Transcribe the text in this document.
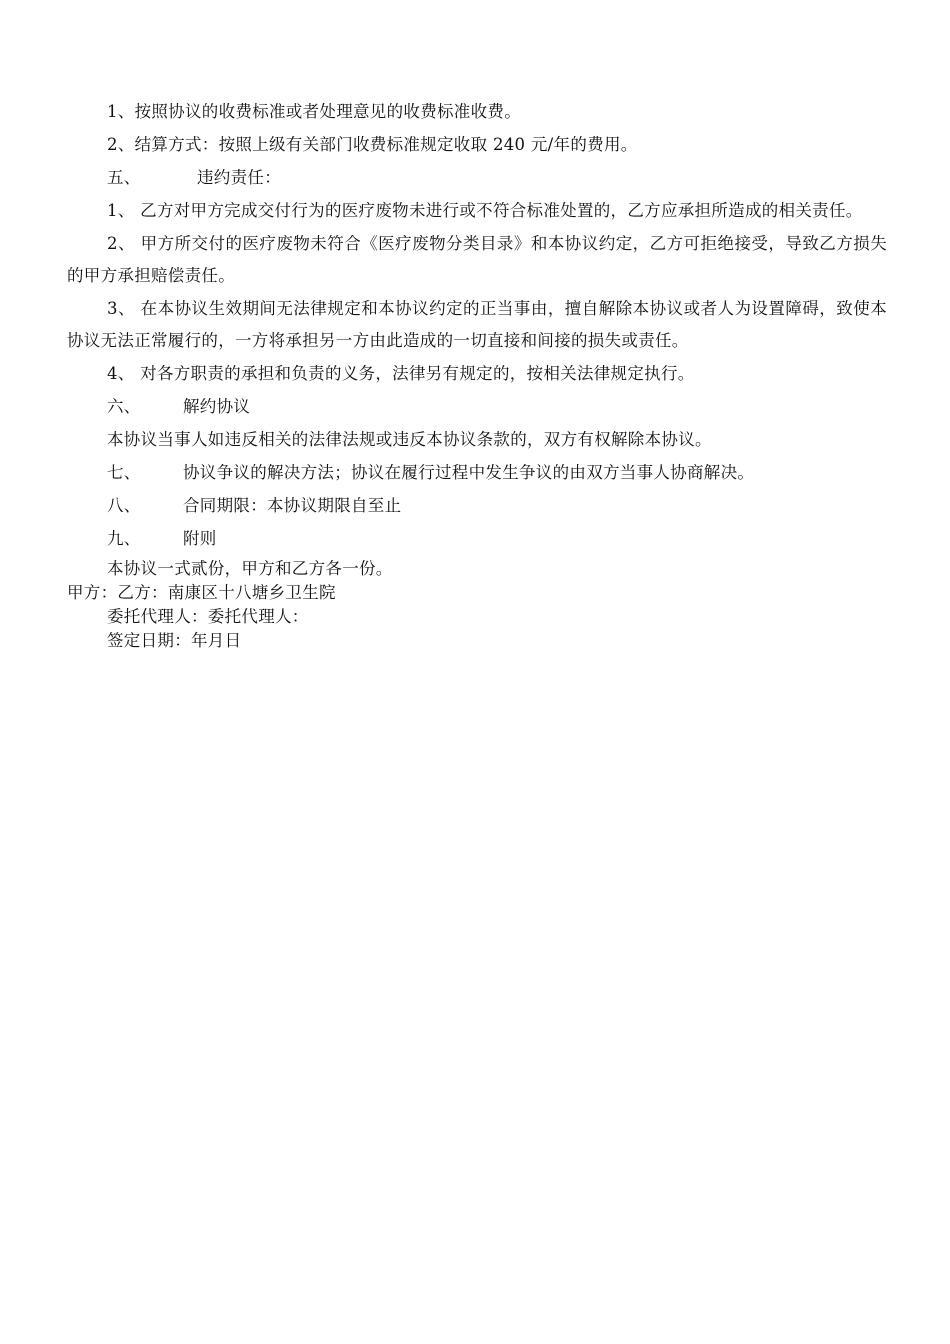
1、按照协议的收费标准或者处理意见的收费标准收费。

2、结算方式：按照上级有关部门收费标准规定收取 240 元/年的费用。

五、	违约责任：

1、 乙方对甲方完成交付行为的医疗废物未进行或不符合标准处置的，乙方应承担所造成的相关责任。

2、 甲方所交付的医疗废物未符合《医疗废物分类目录》和本协议约定，乙方可拒绝接受，导致乙方损失的甲方承担赔偿责任。

3、 在本协议生效期间无法律规定和本协议约定的正当事由，擅自解除本协议或者人为设置障碍，致使本协议无法正常履行的，一方将承担另一方由此造成的一切直接和间接的损失或责任。

4、 对各方职责的承担和负责的义务，法律另有规定的，按相关法律规定执行。

六、	解约协议

本协议当事人如违反相关的法律法规或违反本协议条款的，双方有权解除本协议。

七、	协议争议的解决方法；协议在履行过程中发生争议的由双方当事人协商解决。
八、	合同期限：本协议期限自至止
九、	附则

本协议一式贰份，甲方和乙方各一份。

甲方：乙方：南康区十八塘乡卫生院

委托代理人：委托代理人：

签定日期：年月日
